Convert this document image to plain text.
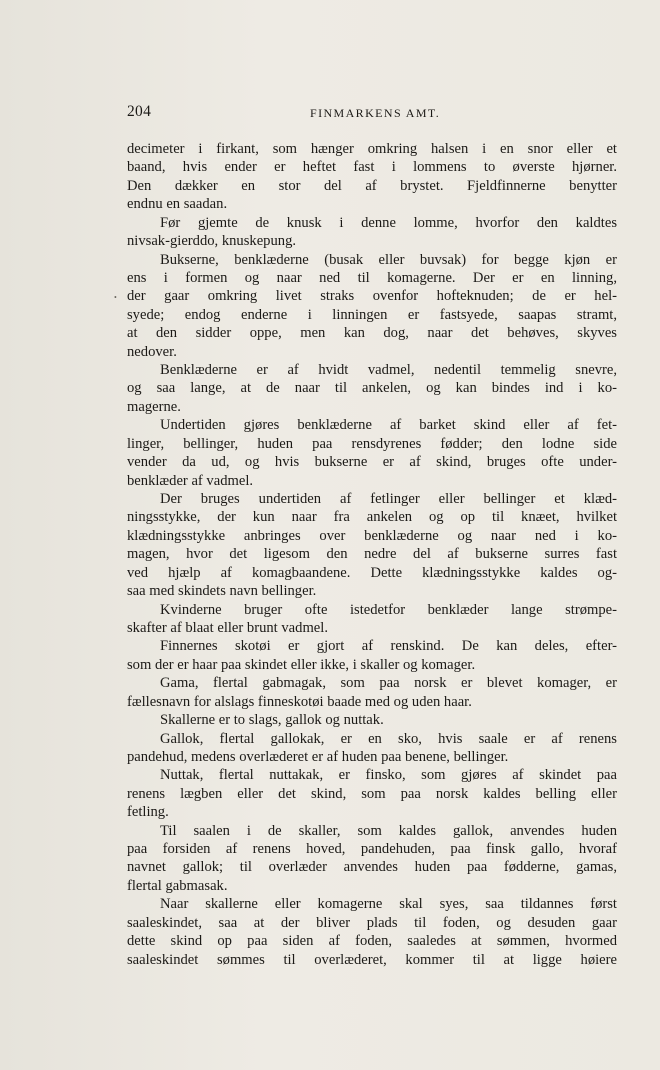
204	FINMARKENS AMT.
•
decimeter i firkant, som hænger omkring halsen i en snor eller et
baand, hvis ender er heftet fast i lommens to øverste hjørner.
Den dækker en stor del af brystet. Fjeldfinnerne benytter
endnu en saadan.
Før gjemte de knusk i denne lomme, hvorfor den kaldtes
nivsak-gierddo, knuskepung.
Bukserne, benklæderne (busak eller buvsak) for begge kjøn er
ens i formen og naar ned til komagerne. Der er en linning,
der gaar omkring livet straks ovenfor hofteknuden; de er hel-
syede; endog enderne i linningen er fastsyede, saapas stramt,
at den sidder oppe, men kan dog, naar det behøves, skyves
nedover.
Benklæderne er af hvidt vadmel, nedentil temmelig snevre,
og saa lange, at de naar til ankelen, og kan bindes ind i ko-
magerne.
Undertiden gjøres benklæderne af barket skind eller af fet-
linger, bellinger, huden paa rensdyrenes fødder; den lodne side
vender da ud, og hvis bukserne er af skind, bruges ofte under-
benklæder af vadmel.
Der bruges undertiden af fetlinger eller bellinger et klæd-
ningsstykke, der kun naar fra ankelen og op til knæet, hvilket
klædningsstykke anbringes over benklæderne og naar ned i ko-
magen, hvor det ligesom den nedre del af bukserne surres fast
ved hjælp af komagbaandene. Dette klædningsstykke kaldes og-
saa med skindets navn bellinger.
Kvinderne bruger ofte istedetfor benklæder lange strømpe-
skafter af blaat eller brunt vadmel.
Finnernes skotøi er gjort af renskind. De kan deles, efter-
som der er haar paa skindet eller ikke, i skaller og komager.
Gama, flertal gabmagak, som paa norsk er blevet komager, er
fællesnavn for alslags finneskotøi baade med og uden haar.
Skallerne er to slags, gallok og nuttak.
Gallok, flertal gallokak, er en sko, hvis saale er af renens
pandehud, medens overlæderet er af huden paa benene, bellinger.
Nuttak, flertal nuttakak, er finsko, som gjøres af skindet paa
renens lægben eller det skind, som paa norsk kaldes belling eller
fetling.
Til saalen i de skaller, som kaldes gallok, anvendes huden
paa forsiden af renens hoved, pandehuden, paa finsk gallo, hvoraf
navnet gallok; til overlæder anvendes huden paa fødderne, gamas,
flertal gabmasak.
Naar skallerne eller komagerne skal syes, saa tildannes først
saaleskindet, saa at der bliver plads til foden, og desuden gaar
dette skind op paa siden af foden, saaledes at sømmen, hvormed
saaleskindet sømmes til overlæderet, kommer til at ligge høiere
